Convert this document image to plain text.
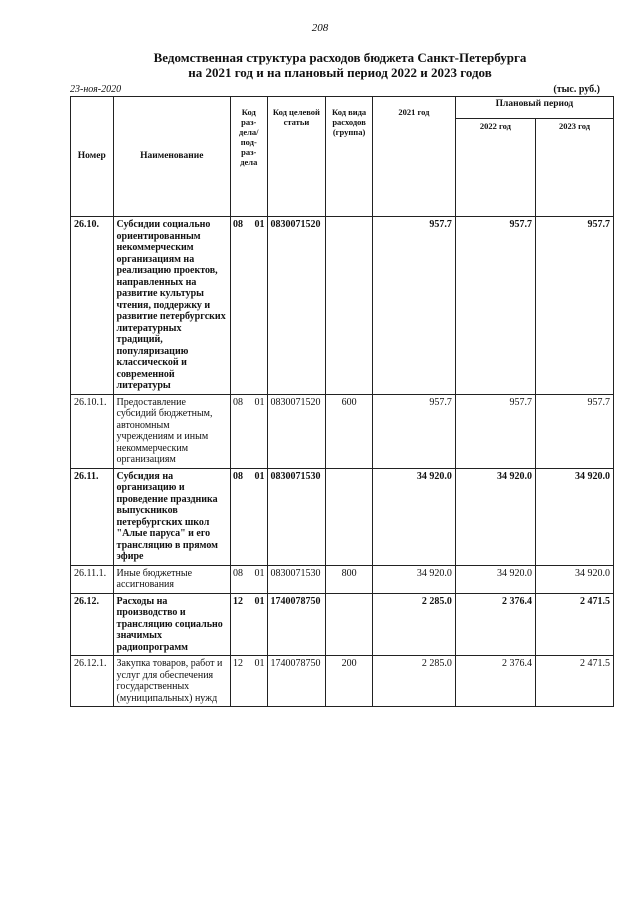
208
Ведомственная структура расходов бюджета Санкт-Петербурга
на 2021 год и на плановый период 2022 и 2023 годов
23-ноя-2020	(тыс. руб.)
Номер	Наименование	Код раз-дела/ под-раз-дела	Код целевой статьи	Код вида расходов (группа)	2021 год	Плановый период	
						2022 год	2023 год
26.10.	Субсидии социально ориентированным некоммерческим организациям на реализацию проектов, направленных на развитие культуры чтения, поддержку и развитие петербургских литературных традиций, популяризацию классической и современной литературы	08 01	0830071520		957.7	957.7	957.7
26.10.1.	Предоставление субсидий бюджетным, автономным учреждениям и иным некоммерческим организациям	08 01	0830071520	600	957.7	957.7	957.7
26.11.	Субсидия на организацию и проведение праздника выпускников петербургских школ "Алые паруса" и его трансляцию в прямом эфире	08 01	0830071530		34 920.0	34 920.0	34 920.0
26.11.1.	Иные бюджетные ассигнования	08 01	0830071530	800	34 920.0	34 920.0	34 920.0
26.12.	Расходы на производство и трансляцию социально значимых радиопрограмм	12 01	1740078750		2 285.0	2 376.4	2 471.5
26.12.1.	Закупка товаров, работ и услуг для обеспечения государственных (муниципальных) нужд	12 01	1740078750	200	2 285.0	2 376.4	2 471.5
